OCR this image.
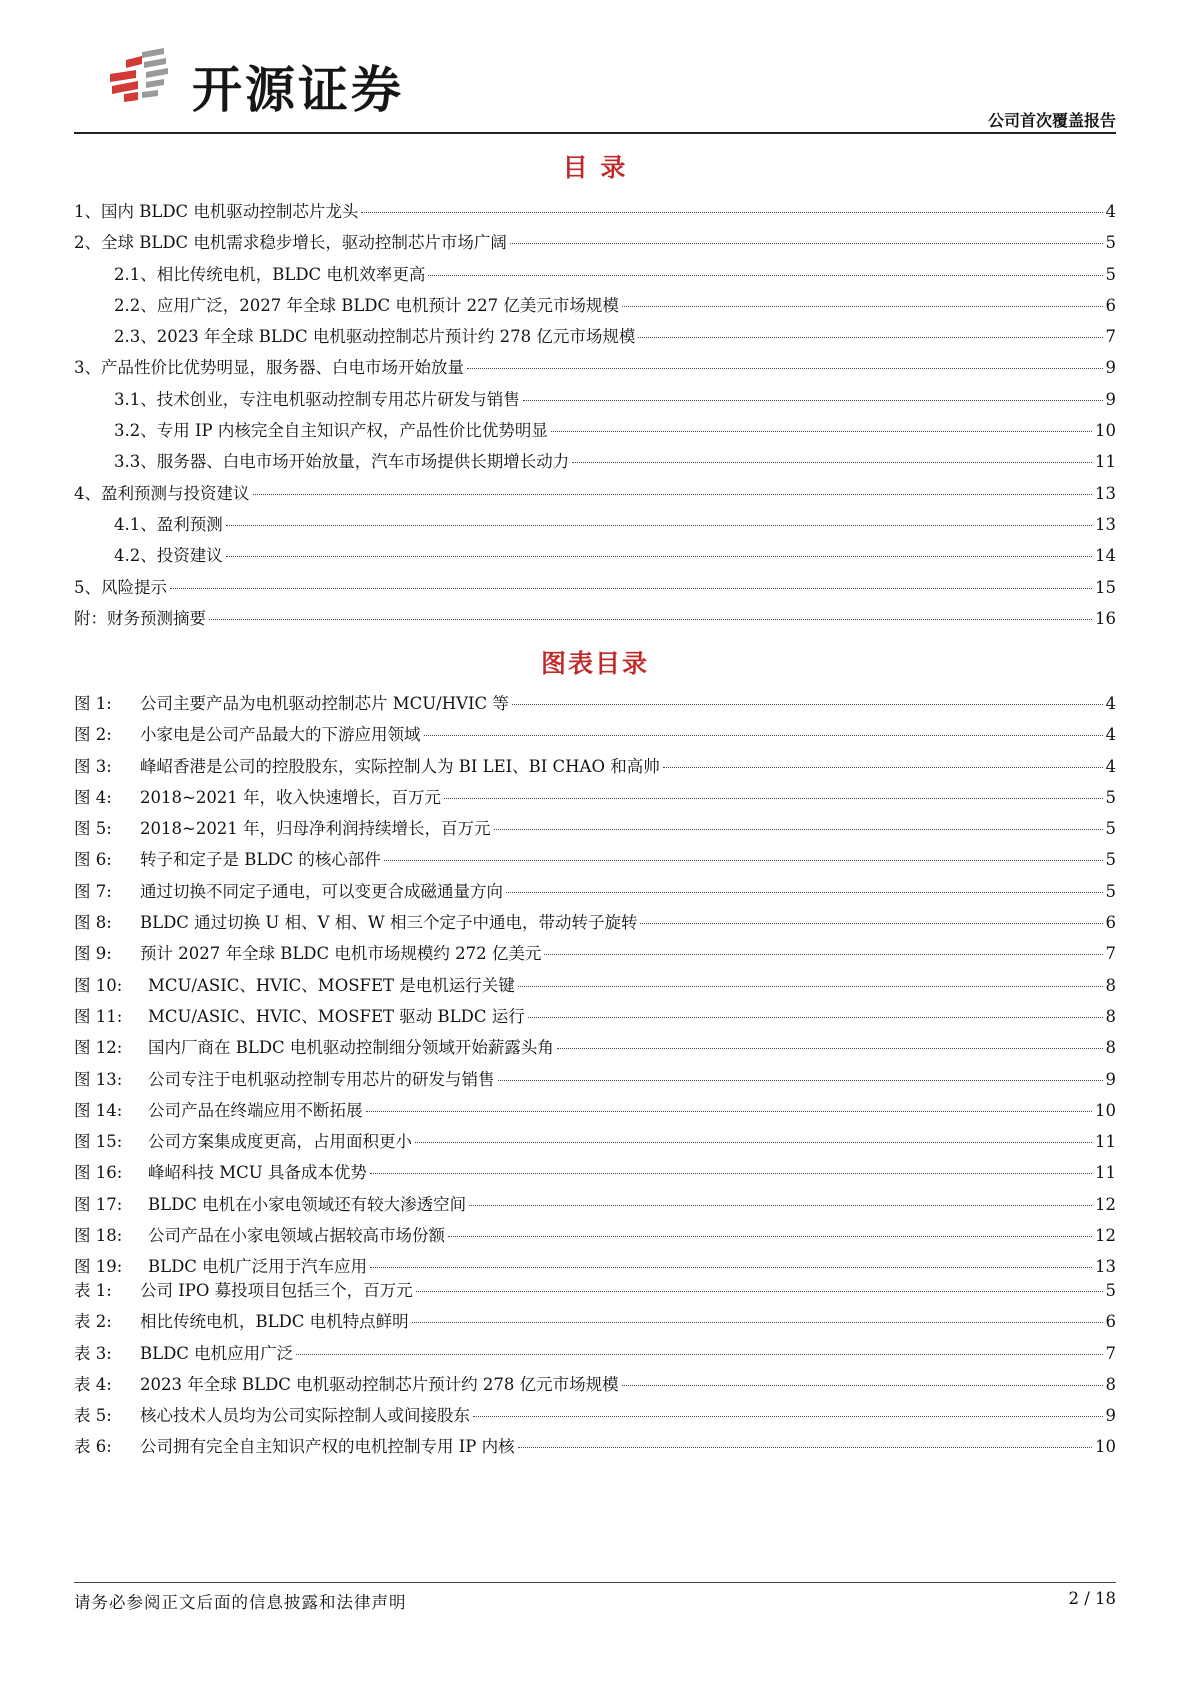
开源证券
公司首次覆盖报告
目 录
1、国内 BLDC 电机驱动控制芯片龙头	4
2、全球 BLDC 电机需求稳步增长，驱动控制芯片市场广阔	5
2.1、相比传统电机，BLDC 电机效率更高	5
2.2、应用广泛，2027 年全球 BLDC 电机预计 227 亿美元市场规模	6
2.3、2023 年全球 BLDC 电机驱动控制芯片预计约 278 亿元市场规模	7
3、产品性价比优势明显，服务器、白电市场开始放量	9
3.1、技术创业，专注电机驱动控制专用芯片研发与销售	9
3.2、专用 IP 内核完全自主知识产权，产品性价比优势明显	10
3.3、服务器、白电市场开始放量，汽车市场提供长期增长动力	11
4、盈利预测与投资建议	13
4.1、盈利预测	13
4.2、投资建议	14
5、风险提示	15
附：财务预测摘要	16
图表目录
图 1: 公司主要产品为电机驱动控制芯片 MCU/HVIC 等	4
图 2: 小家电是公司产品最大的下游应用领域	4
图 3: 峰岹香港是公司的控股股东，实际控制人为 BI LEI、BI CHAO 和高帅	4
图 4: 2018~2021 年，收入快速增长，百万元	5
图 5: 2018~2021 年，归母净利润持续增长，百万元	5
图 6: 转子和定子是 BLDC 的核心部件	5
图 7: 通过切换不同定子通电，可以变更合成磁通量方向	5
图 8: BLDC 通过切换 U 相、V 相、W 相三个定子中通电，带动转子旋转	6
图 9: 预计 2027 年全球 BLDC 电机市场规模约 272 亿美元	7
图 10: MCU/ASIC、HVIC、MOSFET 是电机运行关键	8
图 11: MCU/ASIC、HVIC、MOSFET 驱动 BLDC 运行	8
图 12: 国内厂商在 BLDC 电机驱动控制细分领域开始薪露头角	8
图 13: 公司专注于电机驱动控制专用芯片的研发与销售	9
图 14: 公司产品在终端应用不断拓展	10
图 15: 公司方案集成度更高，占用面积更小	11
图 16: 峰岹科技 MCU 具备成本优势	11
图 17: BLDC 电机在小家电领域还有较大渗透空间	12
图 18: 公司产品在小家电领域占据较高市场份额	12
图 19: BLDC 电机广泛用于汽车应用	13
表 1: 公司 IPO 募投项目包括三个，百万元	5
表 2: 相比传统电机，BLDC 电机特点鲜明	6
表 3: BLDC 电机应用广泛	7
表 4: 2023 年全球 BLDC 电机驱动控制芯片预计约 278 亿元市场规模	8
表 5: 核心技术人员均为公司实际控制人或间接股东	9
表 6: 公司拥有完全自主知识产权的电机控制专用 IP 内核	10
请务必参阅正文后面的信息披露和法律声明	2 / 18
